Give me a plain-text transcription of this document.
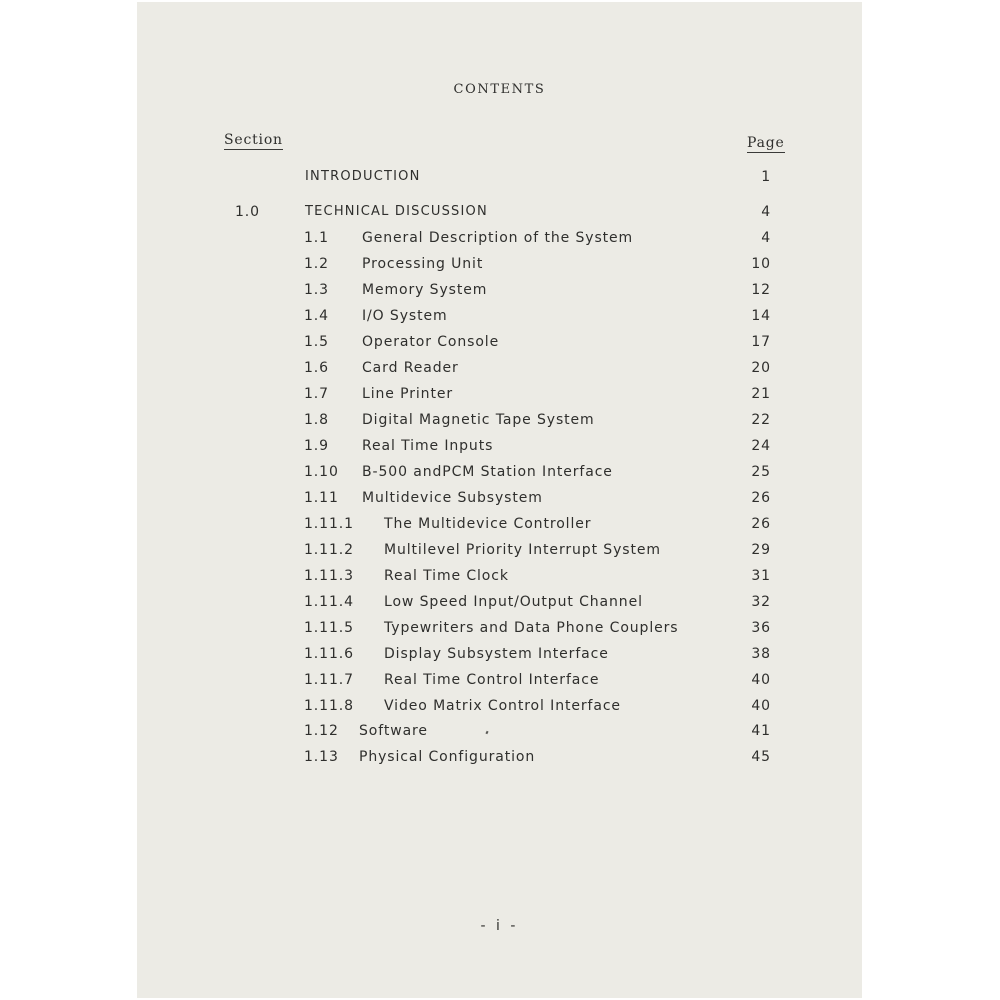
CONTENTS
Section	Page
INTRODUCTION	1
1.0	TECHNICAL DISCUSSION	4
1.1 General Description of the System	4
1.2 Processing Unit	10
1.3 Memory System	12
1.4 I/O System	14
1.5 Operator Console	17
1.6 Card Reader	20
1.7 Line Printer	21
1.8 Digital Magnetic Tape System	22
1.9 Real Time Inputs	24
1.10 B-500 andPCM Station Interface	25
1.11 Multidevice Subsystem	26
1.11.1 The Multidevice Controller	26
1.11.2 Multilevel Priority Interrupt System	29
1.11.3 Real Time Clock	31
1.11.4 Low Speed Input/Output Channel	32
1.11.5 Typewriters and Data Phone Couplers	36
1.11.6 Display Subsystem Interface	38
1.11.7 Real Time Control Interface	40
1.11.8 Video Matrix Control Interface	40
1.12 Software	41
1.13 Physical Configuration	45
- i -
